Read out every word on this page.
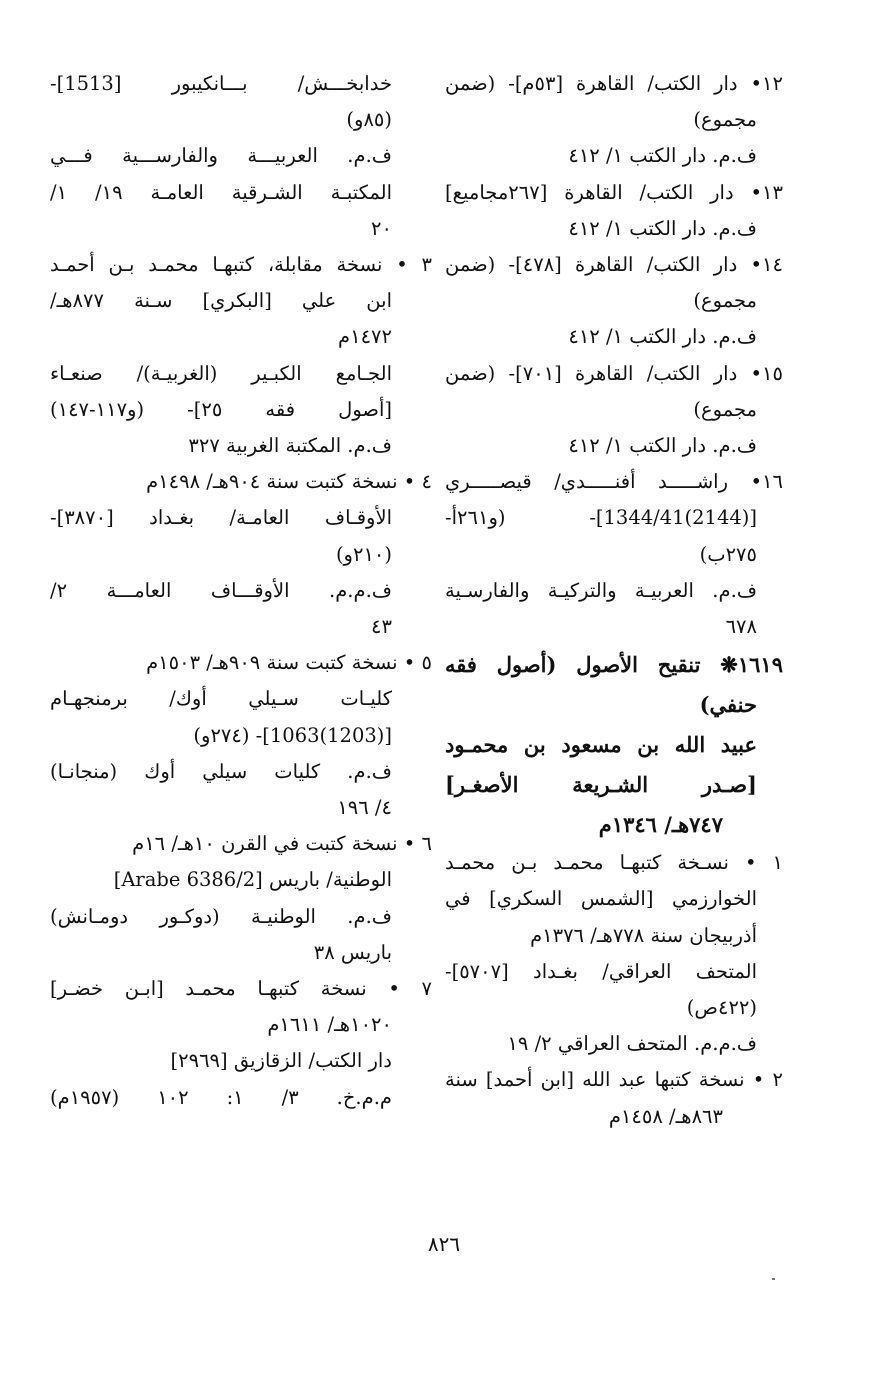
١٢• دار الكتب/ القاهرة [٥٣م]- (ضمن
مجموع)
ف.م. دار الكتب ١/ ٤١٢
١٣• دار الكتب/ القاهرة [٢٦٧مجاميع]
ف.م. دار الكتب ١/ ٤١٢
١٤• دار الكتب/ القاهرة [٤٧٨]- (ضمن
مجموع)
ف.م. دار الكتب ١/ ٤١٢
١٥• دار الكتب/ القاهرة [٧٠١]- (ضمن
مجموع)
ف.م. دار الكتب ١/ ٤١٢
١٦• راشـــــد أفنـــــدي/ قيصـــــري
[(2144)1344/41]- (و٢٦١أ-
٢٧٥ب)
ف.م. العربيـة والتركيـة والفارسـية
٦٧٨
١٦١٩❋ تنقيح الأصول (أصول فقه
حنفي)
عبيد الله بن مسعود بن محمـود
[صـدر الشـريعة الأصغـر]
٧٤٧هـ/ ١٣٤٦م
١ • نسـخة كتبهـا محمـد بـن محمـد
الخوارزمي [الشمس السكري] في
أذربيجان سنة ٧٧٨هـ/ ١٣٧٦م
المتحف العراقي/ بغـداد [٥٧٠٧]-
(٤٢٢ص)
ف.م.م. المتحف العراقي ٢/ ١٩
٢ • نسخة كتبها عبد الله [ابن أحمد] سنة
٨٦٣هـ/ ١٤٥٨م
خدابخـــش/ بـــانكيبور [1513]-
(٨٥و)
ف.م. العربيـــة والفارســـية فـــي
المكتبـة الشـرقية العامـة ١٩/ ١/
٢٠
٣ • نسخة مقابلة، كتبهـا محمـد بـن أحمـد
ابن علي [البكري] سـنة ٨٧٧هـ/
١٤٧٢م
الجـامع الكبـير (الغربيـة)/ صنعـاء
[أصول فقه ٢٥]- (و١١٧-١٤٧)
ف.م. المكتبة الغربية ٣٢٧
٤ • نسخة كتبت سنة ٩٠٤هـ/ ١٤٩٨م
الأوقـاف العامـة/ بغـداد [٣٨٧٠]-
(٢١٠و)
ف.م.م. الأوقـــاف العامـــة ٢/
٤٣
٥ • نسخة كتبت سنة ٩٠٩هـ/ ١٥٠٣م
كليـات سـيلي أوك/ برمنجهـام
[(1203)1063]- (٢٧٤و)
ف.م. كليات سيلي أوك (منجانـا)
٤/ ١٩٦
٦ • نسخة كتبت في القرن ١٠هـ/ ١٦م
الوطنية/ باريس [Arabe 6386/2]
ف.م. الوطنيـة (دوكـور دومـانش)
باريس ٣٨
٧ • نسخة كتبهـا محمـد [ابـن خضـر]
١٠٢٠هـ/ ١٦١١م
دار الكتب/ الزقازيق [٢٩٦٩]
م.م.خ. ٣/ ١: ١٠٢ (١٩٥٧م)
٨٢٦
